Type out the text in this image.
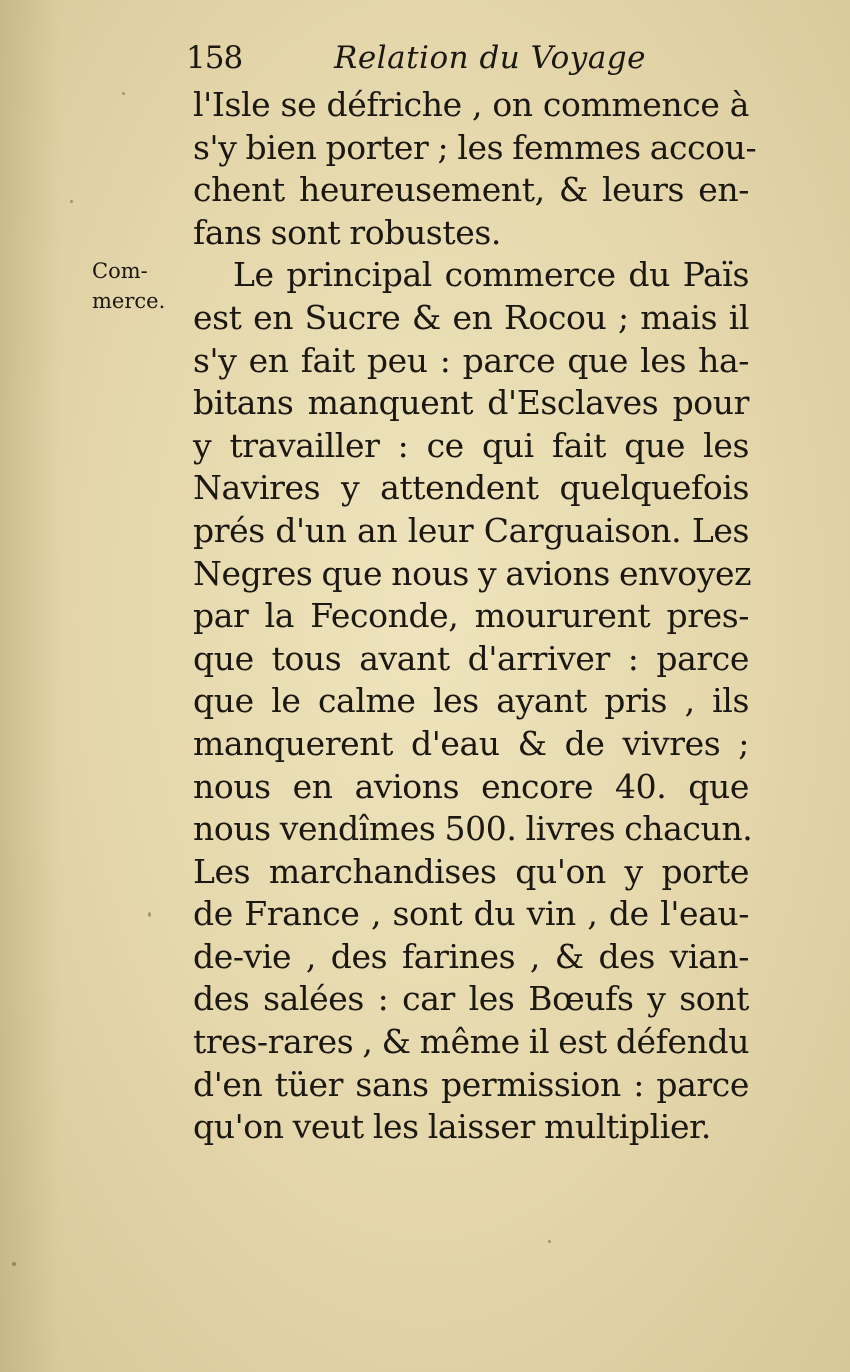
158	Relation du Voyage
Com-
merce.
l'Isle se défriche , on commence à
s'y bien porter ; les femmes accou-
chent heureusement, & leurs en-
fans sont robustes.
Le principal commerce du Païs
est en Sucre & en Rocou ; mais il
s'y en fait peu : parce que les ha-
bitans manquent d'Esclaves pour
y travailler : ce qui fait que les
Navires y attendent quelquefois
prés d'un an leur Carguaison. Les
Negres que nous y avions envoyez
par la Feconde, moururent pres-
que tous avant d'arriver : parce
que le calme les ayant pris , ils
manquerent d'eau & de vivres ;
nous en avions encore 40. que
nous vendîmes 500. livres chacun.
Les marchandises qu'on y porte
de France , sont du vin , de l'eau-
de-vie , des farines , & des vian-
des salées : car les Bœufs y sont
tres-rares , & même il est défendu
d'en tüer sans permission : parce
qu'on veut les laisser multiplier.
